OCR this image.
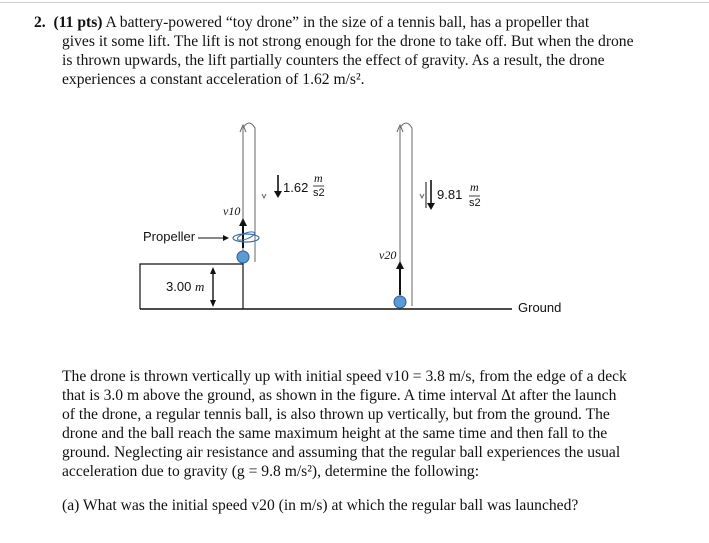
2. (11 pts) A battery-powered “toy drone” in the size of a tennis ball, has a propeller that
gives it some lift. The lift is not strong enough for the drone to take off. But when the drone
is thrown upwards, the lift partially counters the effect of gravity. As a result, the drone
experiences a constant acceleration of 1.62 m/s².
Propeller
3.00 m
1.62
m
s2	9.81 m
s2
v10
v20
Ground
The drone is thrown vertically up with initial speed v10 = 3.8 m/s, from the edge of a deck
that is 3.0 m above the ground, as shown in the figure. A time interval Δt after the launch
of the drone, a regular tennis ball, is also thrown up vertically, but from the ground. The
drone and the ball reach the same maximum height at the same time and then fall to the
ground. Neglecting air resistance and assuming that the regular ball experiences the usual
acceleration due to gravity (g = 9.8 m/s²), determine the following:
(a) What was the initial speed v20 (in m/s) at which the regular ball was launched?
